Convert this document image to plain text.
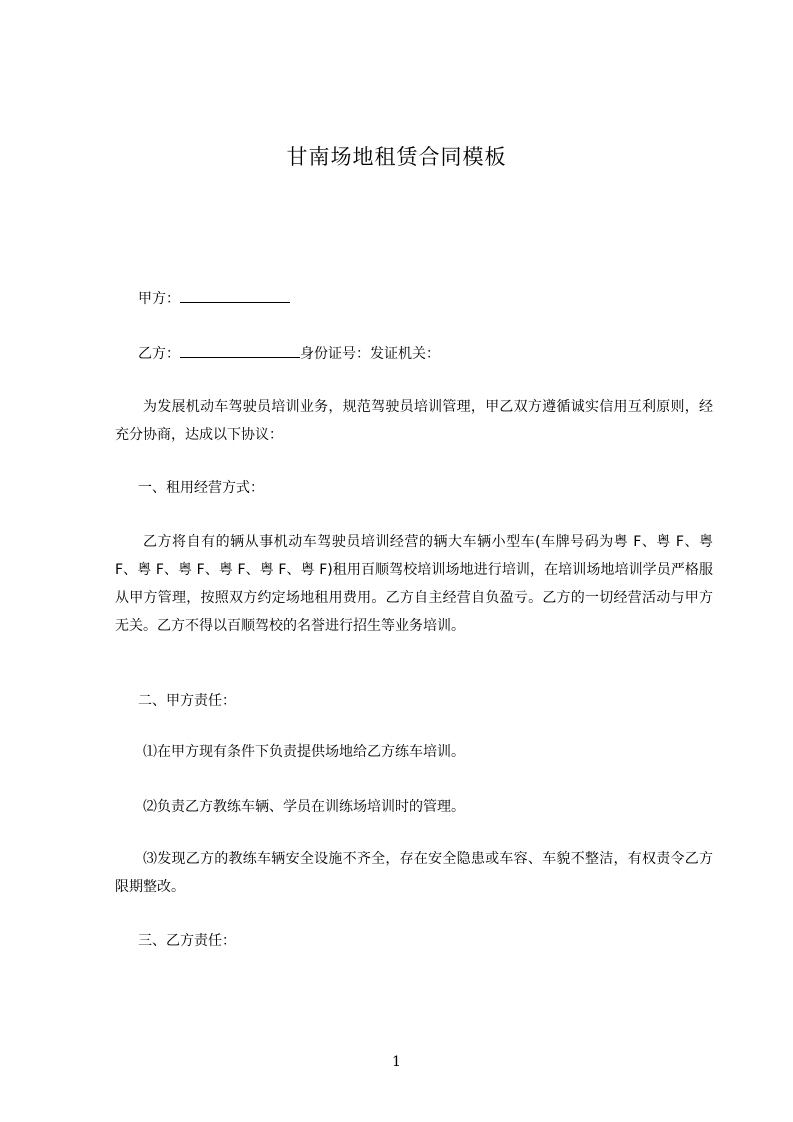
甘南场地租赁合同模板
甲方：
乙方：	身份证号：发证机关：

为发展机动车驾驶员培训业务，规范驾驶员培训管理，甲乙双方遵循诚实信用互利原则，经充分协商，达成以下协议：

一、租用经营方式：

乙方将自有的辆从事机动车驾驶员培训经营的辆大车辆小型车(车牌号码为粤 F、粤 F、粤 F、粤 F、粤 F、粤 F、粤 F、粤 F)租用百顺驾校培训场地进行培训，在培训场地培训学员严格服从甲方管理，按照双方约定场地租用费用。乙方自主经营自负盈亏。乙方的一切经营活动与甲方无关。乙方不得以百顺驾校的名誉进行招生等业务培训。

二、甲方责任：

⑴在甲方现有条件下负责提供场地给乙方练车培训。

⑵负责乙方教练车辆、学员在训练场培训时的管理。

⑶发现乙方的教练车辆安全设施不齐全，存在安全隐患或车容、车貌不整洁，有权责令乙方限期整改。

三、乙方责任：
1
